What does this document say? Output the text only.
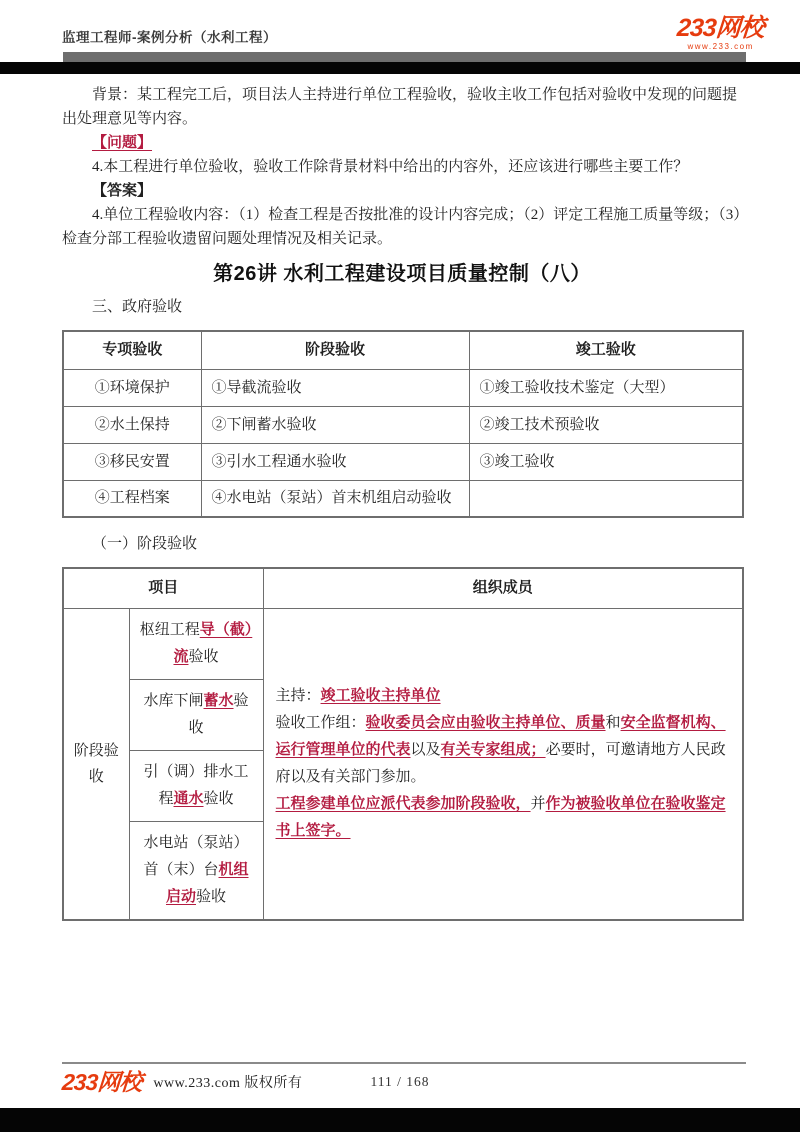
监理工程师-案例分析（水利工程）	233网校
www.233.com

背景：某工程完工后，项目法人主持进行单位工程验收，验收主收工作包括对验收中发现的问题提出处理意见等内容。

【问题】

4.本工程进行单位验收，验收工作除背景材料中给出的内容外，还应该进行哪些主要工作？

【答案】

4.单位工程验收内容：（1）检查工程是否按批准的设计内容完成；（2）评定工程施工质量等级；（3）检查分部工程验收遗留问题处理情况及相关记录。

第26讲 水利工程建设项目质量控制（八）

三、政府验收

专项验收	阶段验收	竣工验收
①环境保护	①导截流验收	①竣工验收技术鉴定（大型）
②水土保持	②下闸蓄水验收	②竣工技术预验收
③移民安置	③引水工程通水验收	③竣工验收
④工程档案	④水电站（泵站）首末机组启动验收	

（一）阶段验收

项目		组织成员
阶段验收	枢纽工程导（截）流验收	主持：竣工验收主持单位
验收工作组：验收委员会应由验收主持单位、质量和安全监督机构、运行管理单位的代表以及有关专家组成；必要时，可邀请地方人民政府以及有关部门参加。
工程参建单位应派代表参加阶段验收，并作为被验收单位在验收鉴定书上签字。
	水库下闸蓄水验收	
	引（调）排水工程通水验收	
	水电站（泵站）首（末）台机组启动验收	
111 / 168
233网校 www.233.com 版权所有
